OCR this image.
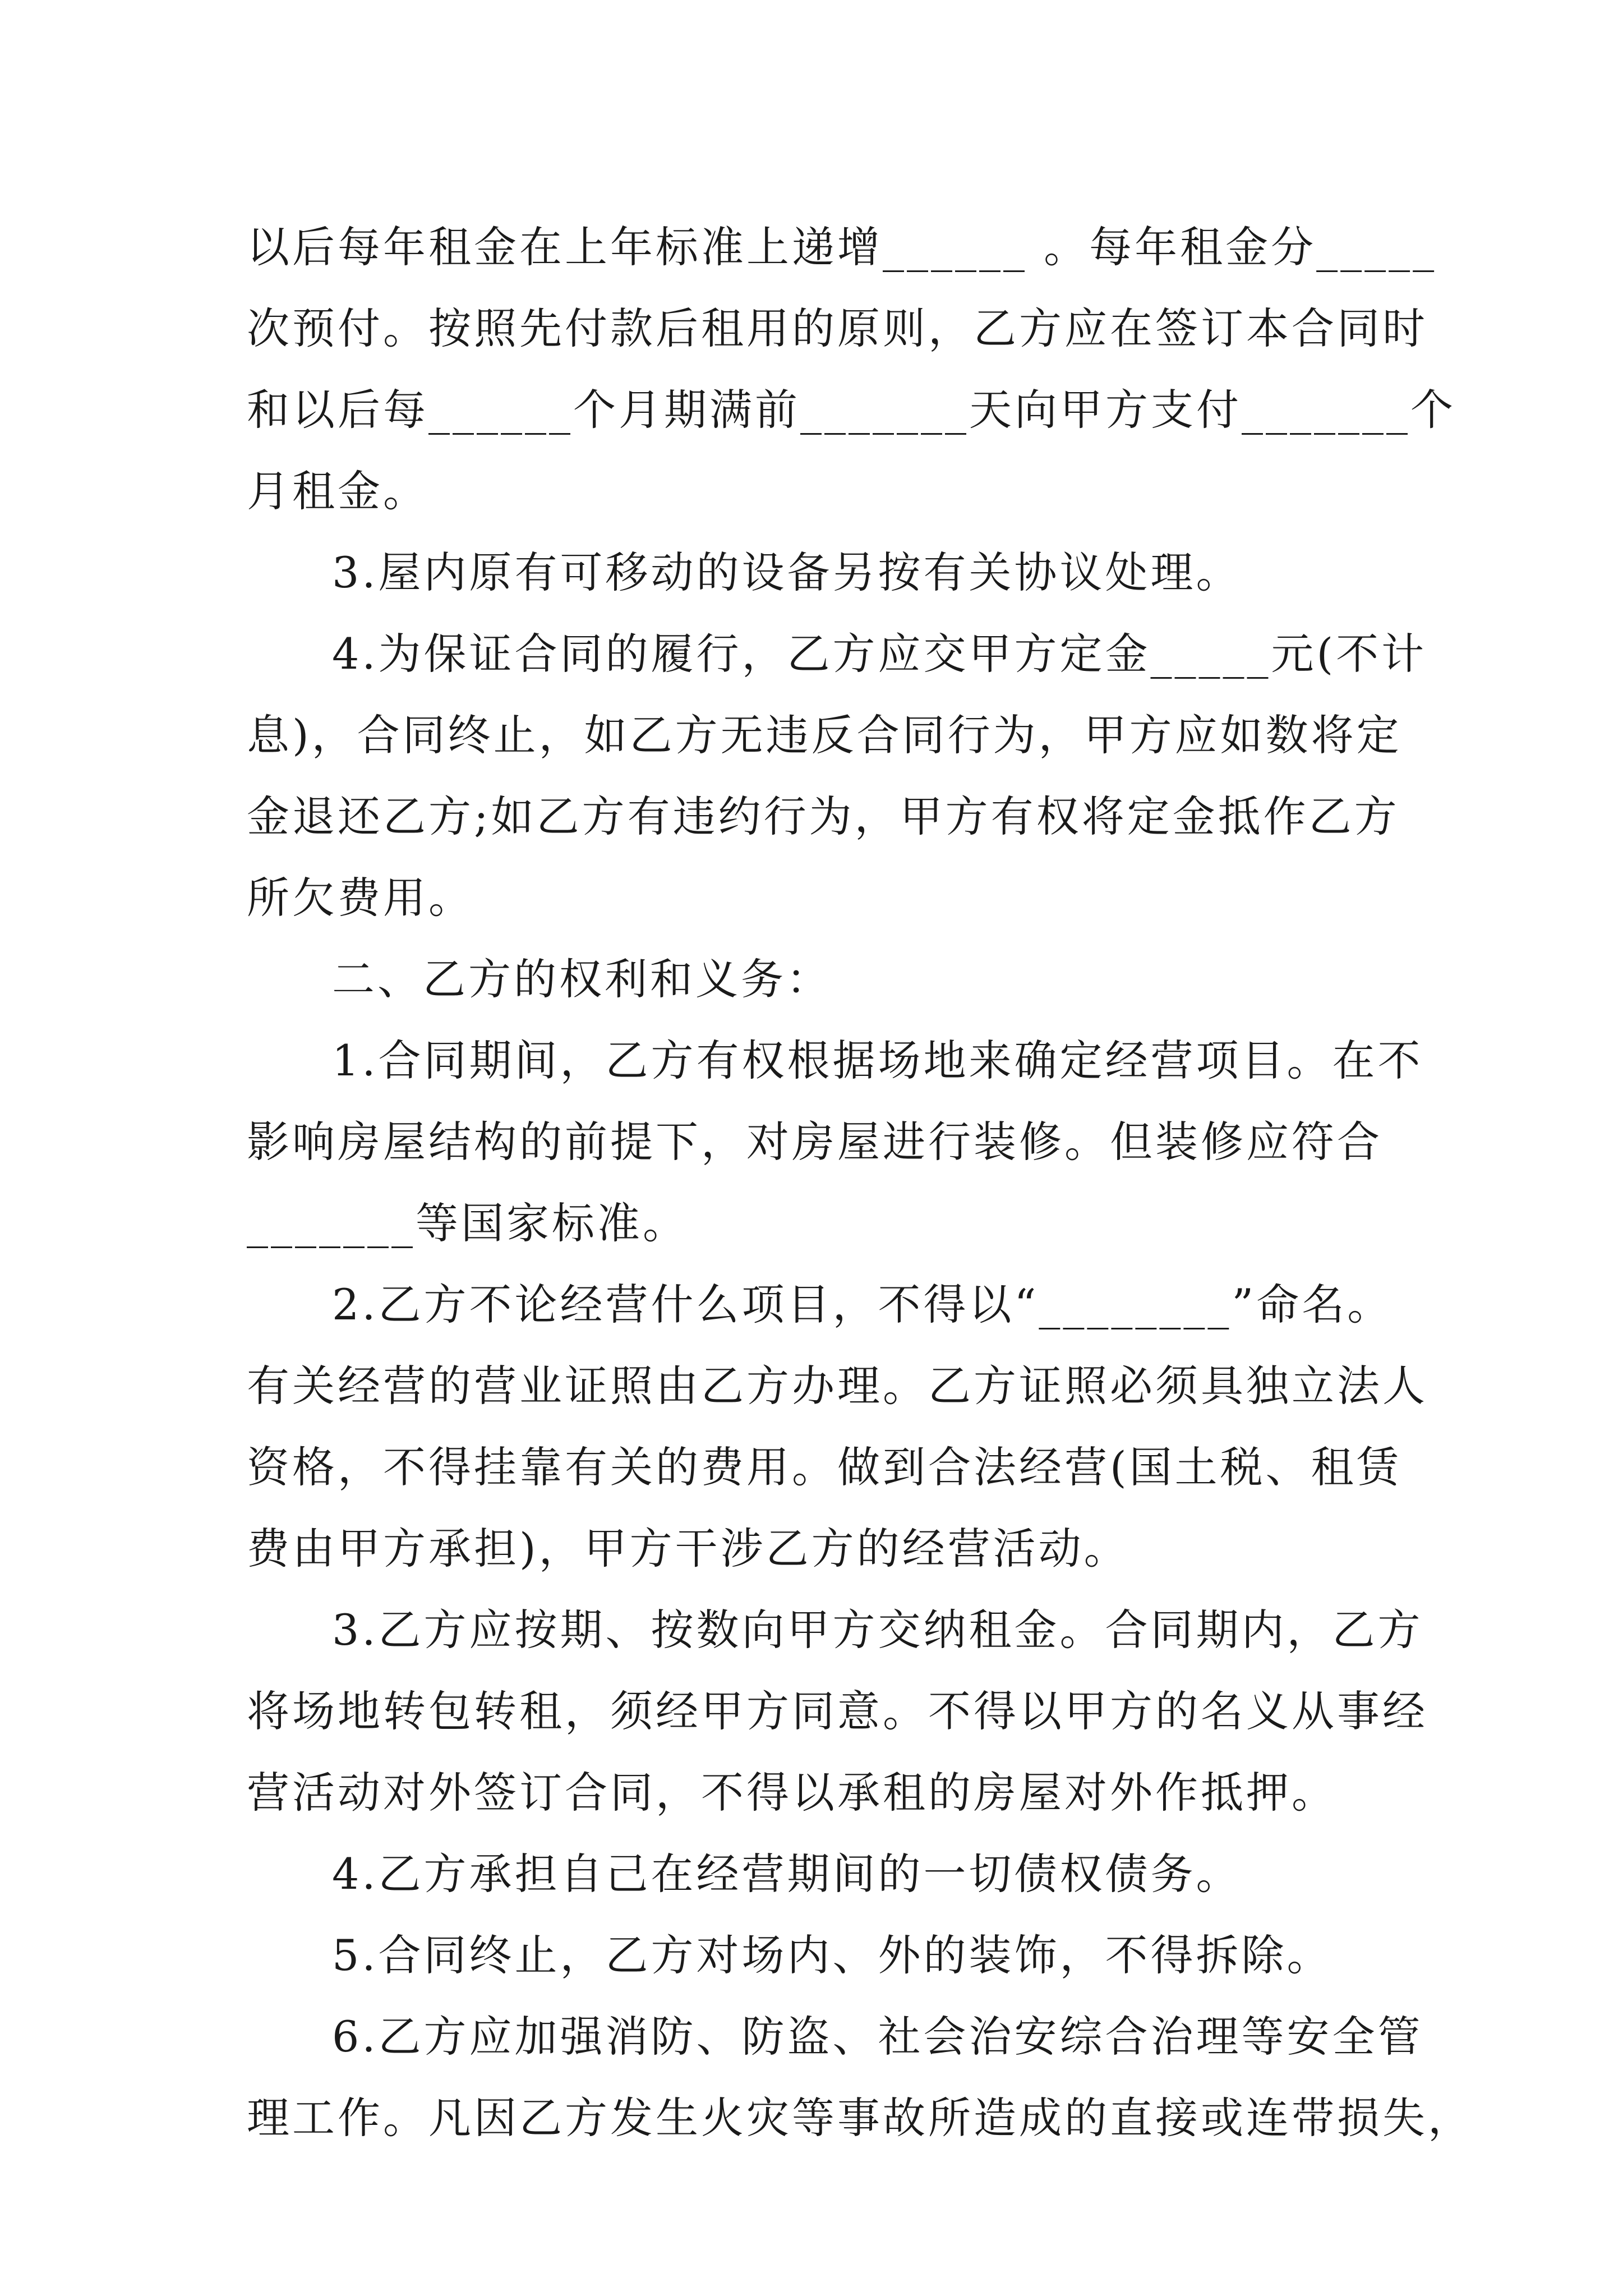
以后每年租金在上年标准上递增______ 。每年租金分_____
次预付。按照先付款后租用的原则，乙方应在签订本合同时
和以后每______个月期满前_______天向甲方支付_______个
月租金。
3.屋内原有可移动的设备另按有关协议处理。
4.为保证合同的履行，乙方应交甲方定金_____元(不计
息)，合同终止，如乙方无违反合同行为，甲方应如数将定
金退还乙方;如乙方有违约行为，甲方有权将定金抵作乙方
所欠费用。
二、乙方的权利和义务：
1.合同期间，乙方有权根据场地来确定经营项目。在不
影响房屋结构的前提下，对房屋进行装修。但装修应符合
_______等国家标准。
2.乙方不论经营什么项目，不得以“________”命名。
有关经营的营业证照由乙方办理。乙方证照必须具独立法人
资格，不得挂靠有关的费用。做到合法经营(国土税、租赁
费由甲方承担)，甲方干涉乙方的经营活动。
3.乙方应按期、按数向甲方交纳租金。合同期内，乙方
将场地转包转租，须经甲方同意。不得以甲方的名义从事经
营活动对外签订合同，不得以承租的房屋对外作抵押。
4.乙方承担自己在经营期间的一切债权债务。
5.合同终止，乙方对场内、外的装饰，不得拆除。
6.乙方应加强消防、防盗、社会治安综合治理等安全管
理工作。凡因乙方发生火灾等事故所造成的直接或连带损失，
